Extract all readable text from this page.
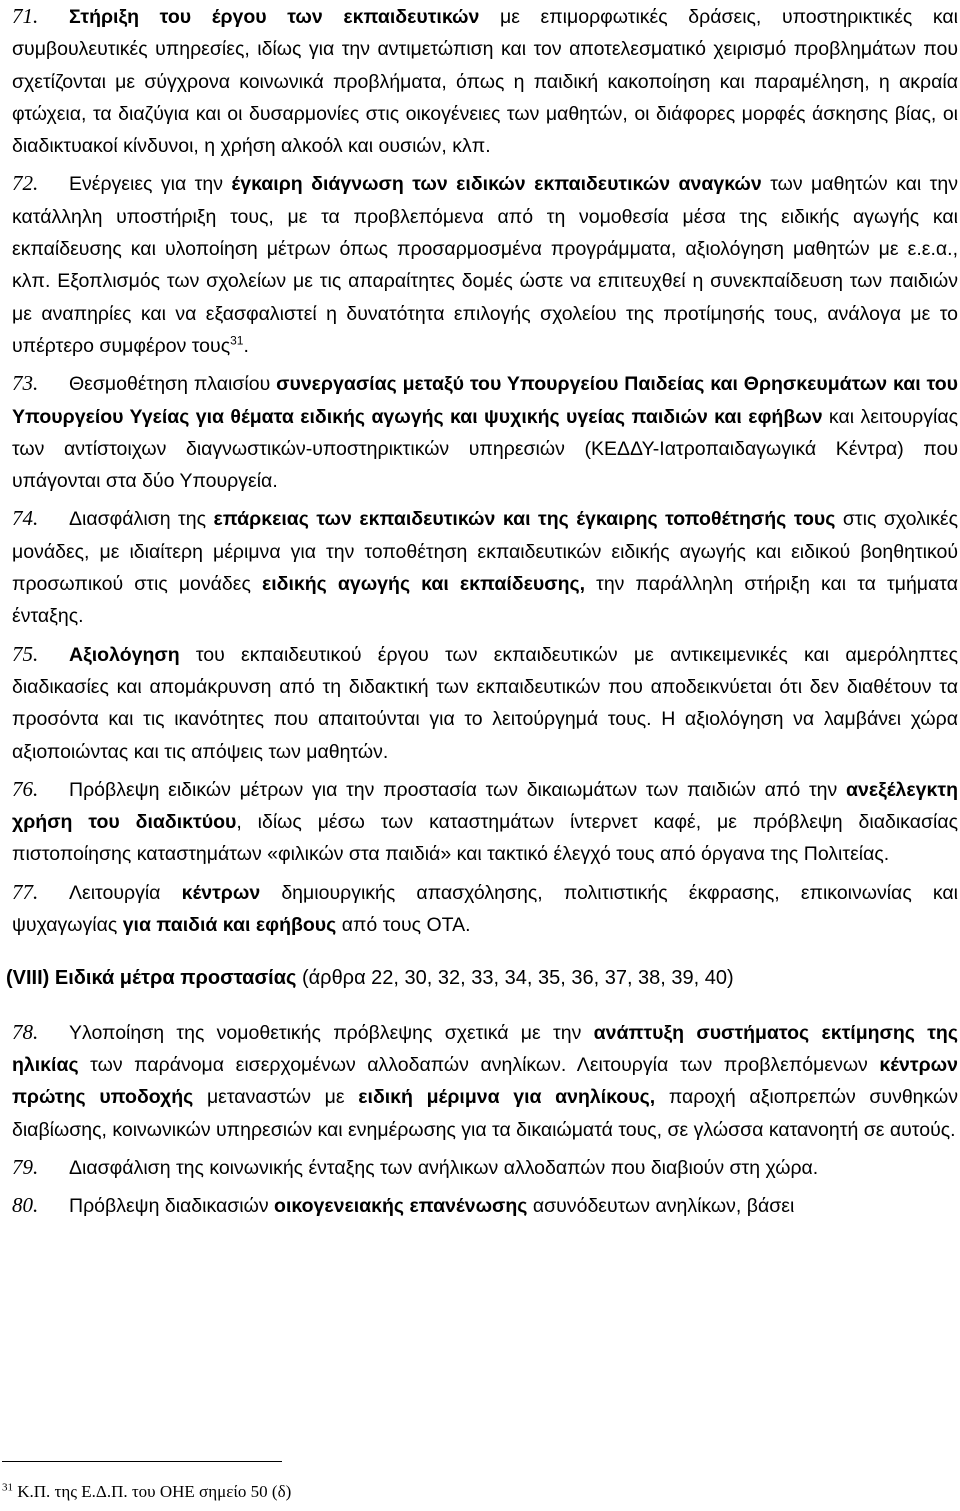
71. Στήριξη του έργου των εκπαιδευτικών με επιμορφωτικές δράσεις, υποστηρικτικές και συμβουλευτικές υπηρεσίες, ιδίως για την αντιμετώπιση και τον αποτελεσματικό χειρισμό προβλημάτων που σχετίζονται με σύγχρονα κοινωνικά προβλήματα, όπως η παιδική κακοποίηση και παραμέληση, η ακραία φτώχεια, τα διαζύγια και οι δυσαρμονίες στις οικογένειες των μαθητών, οι διάφορες μορφές άσκησης βίας, οι διαδικτυακοί κίνδυνοι, η χρήση αλκοόλ και ουσιών, κλπ.

72. Ενέργειες για την έγκαιρη διάγνωση των ειδικών εκπαιδευτικών αναγκών των μαθητών και την κατάλληλη υποστήριξη τους, με τα προβλεπόμενα από τη νομοθεσία μέσα της ειδικής αγωγής και εκπαίδευσης και υλοποίηση μέτρων όπως προσαρμοσμένα προγράμματα, αξιολόγηση μαθητών με ε.ε.α., κλπ. Εξοπλισμός των σχολείων με τις απαραίτητες δομές ώστε να επιτευχθεί η συνεκπαίδευση των παιδιών με αναπηρίες και να εξασφαλιστεί η δυνατότητα επιλογής σχολείου της προτίμησής τους, ανάλογα με το υπέρτερο συμφέρον τους$^{31}$.

73. Θεσμοθέτηση πλαισίου συνεργασίας μεταξύ του Υπουργείου Παιδείας και Θρησκευμάτων και του Υπουργείου Υγείας για θέματα ειδικής αγωγής και ψυχικής υγείας παιδιών και εφήβων και λειτουργίας των αντίστοιχων διαγνωστικών-υποστηρικτικών υπηρεσιών (ΚΕΔΔΥ-Ιατροπαιδαγωγικά Κέντρα) που υπάγονται στα δύο Υπουργεία.

74. Διασφάλιση της επάρκειας των εκπαιδευτικών και της έγκαιρης τοποθέτησής τους στις σχολικές μονάδες, με ιδιαίτερη μέριμνα για την τοποθέτηση εκπαιδευτικών ειδικής αγωγής και ειδικού βοηθητικού προσωπικού στις μονάδες ειδικής αγωγής και εκπαίδευσης, την παράλληλη στήριξη και τα τμήματα ένταξης.

75. Αξιολόγηση του εκπαιδευτικού έργου των εκπαιδευτικών με αντικειμενικές και αμερόληπτες διαδικασίες και απομάκρυνση από τη διδακτική των εκπαιδευτικών που αποδεικνύεται ότι δεν διαθέτουν τα προσόντα και τις ικανότητες που απαιτούνται για το λειτούργημά τους. Η αξιολόγηση να λαμβάνει χώρα αξιοποιώντας και τις απόψεις των μαθητών.

76. Πρόβλεψη ειδικών μέτρων για την προστασία των δικαιωμάτων των παιδιών από την ανεξέλεγκτη χρήση του διαδικτύου, ιδίως μέσω των καταστημάτων ίντερνετ καφέ, με πρόβλεψη διαδικασίας πιστοποίησης καταστημάτων «φιλικών στα παιδιά» και τακτικό έλεγχό τους από όργανα της Πολιτείας.

77. Λειτουργία κέντρων δημιουργικής απασχόλησης, πολιτιστικής έκφρασης, επικοινωνίας και ψυχαγωγίας για παιδιά και εφήβους από τους ΟΤΑ.

(VIII) Ειδικά μέτρα προστασίας (άρθρα 22, 30, 32, 33, 34, 35, 36, 37, 38, 39, 40)

78. Υλοποίηση της νομοθετικής πρόβλεψης σχετικά με την ανάπτυξη συστήματος εκτίμησης της ηλικίας των παράνομα εισερχομένων αλλοδαπών ανηλίκων. Λειτουργία των προβλεπόμενων κέντρων πρώτης υποδοχής μεταναστών με ειδική μέριμνα για ανηλίκους, παροχή αξιοπρεπών συνθηκών διαβίωσης, κοινωνικών υπηρεσιών και ενημέρωσης για τα δικαιώματά τους, σε γλώσσα κατανοητή σε αυτούς.

79. Διασφάλιση της κοινωνικής ένταξης των ανήλικων αλλοδαπών που διαβιούν στη χώρα.

80. Πρόβλεψη διαδικασιών οικογενειακής επανένωσης ασυνόδευτων ανηλίκων, βάσει

$^{31}$ Κ.Π. της Ε.Δ.Π. του ΟΗΕ σημείο 50 (δ)
